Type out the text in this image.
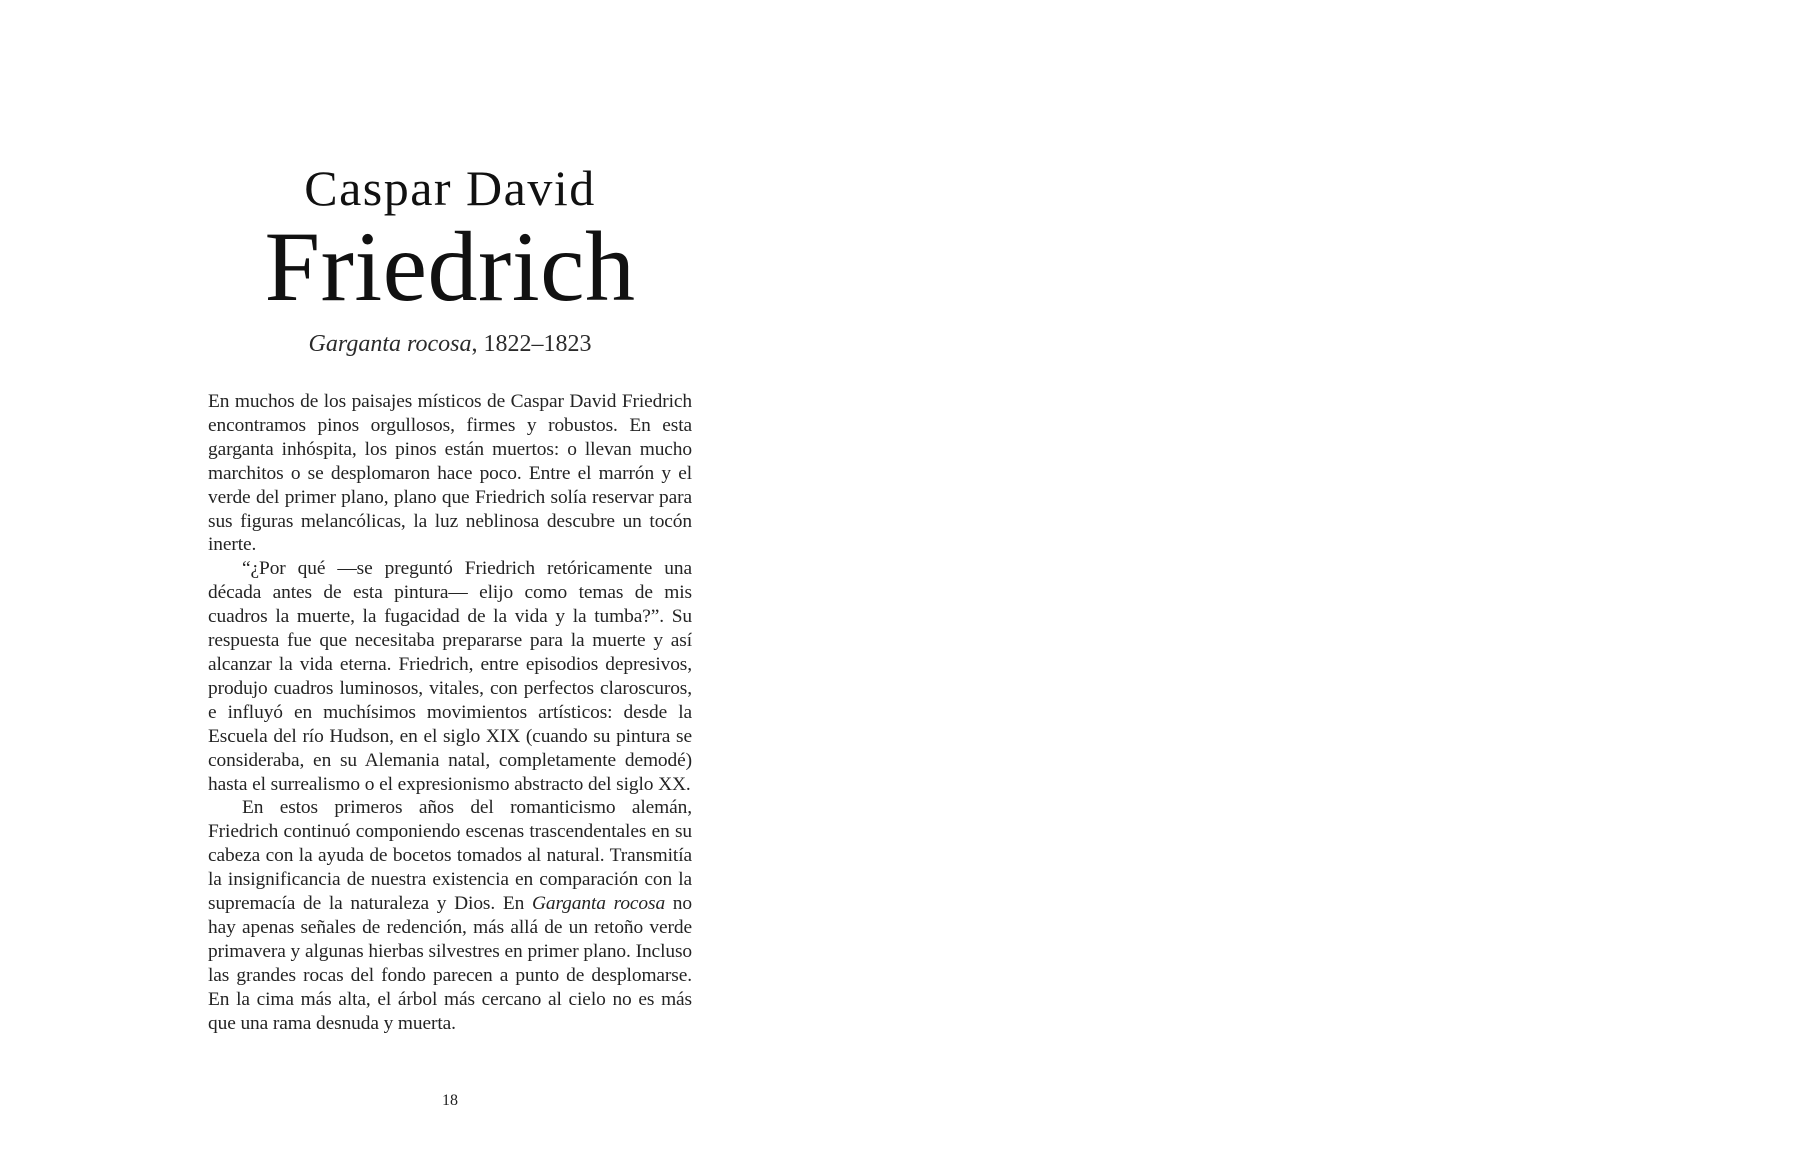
Caspar David
Friedrich
Garganta rocosa, 1822–1823

En muchos de los paisajes místicos de Caspar David Friedrich encontramos pinos orgullosos, firmes y robustos. En esta garganta inhóspita, los pinos están muertos: o llevan mucho marchitos o se desplomaron hace poco. Entre el marrón y el verde del primer plano, plano que Friedrich solía reservar para sus figuras melancólicas, la luz neblinosa descubre un tocón inerte.

“¿Por qué —se preguntó Friedrich retóricamente una década antes de esta pintura— elijo como temas de mis cuadros la muerte, la fugacidad de la vida y la tumba?”. Su respuesta fue que necesitaba prepararse para la muerte y así alcanzar la vida eterna. Friedrich, entre episodios depresivos, produjo cuadros luminosos, vitales, con perfectos claroscuros, e influyó en muchísimos movimientos artísticos: desde la Escuela del río Hudson, en el siglo XIX (cuando su pintura se consideraba, en su Alemania natal, completamente demodé) hasta el surrealismo o el expresionismo abstracto del siglo XX.

En estos primeros años del romanticismo alemán, Friedrich continuó componiendo escenas trascendentales en su cabeza con la ayuda de bocetos tomados al natural. Transmitía la insignificancia de nuestra existencia en comparación con la supremacía de la naturaleza y Dios. En Garganta rocosa no hay apenas señales de redención, más allá de un retoño verde primavera y algunas hierbas silvestres en primer plano. Incluso las grandes rocas del fondo parecen a punto de desplomarse. En la cima más alta, el árbol más cercano al cielo no es más que una rama desnuda y muerta.

18
